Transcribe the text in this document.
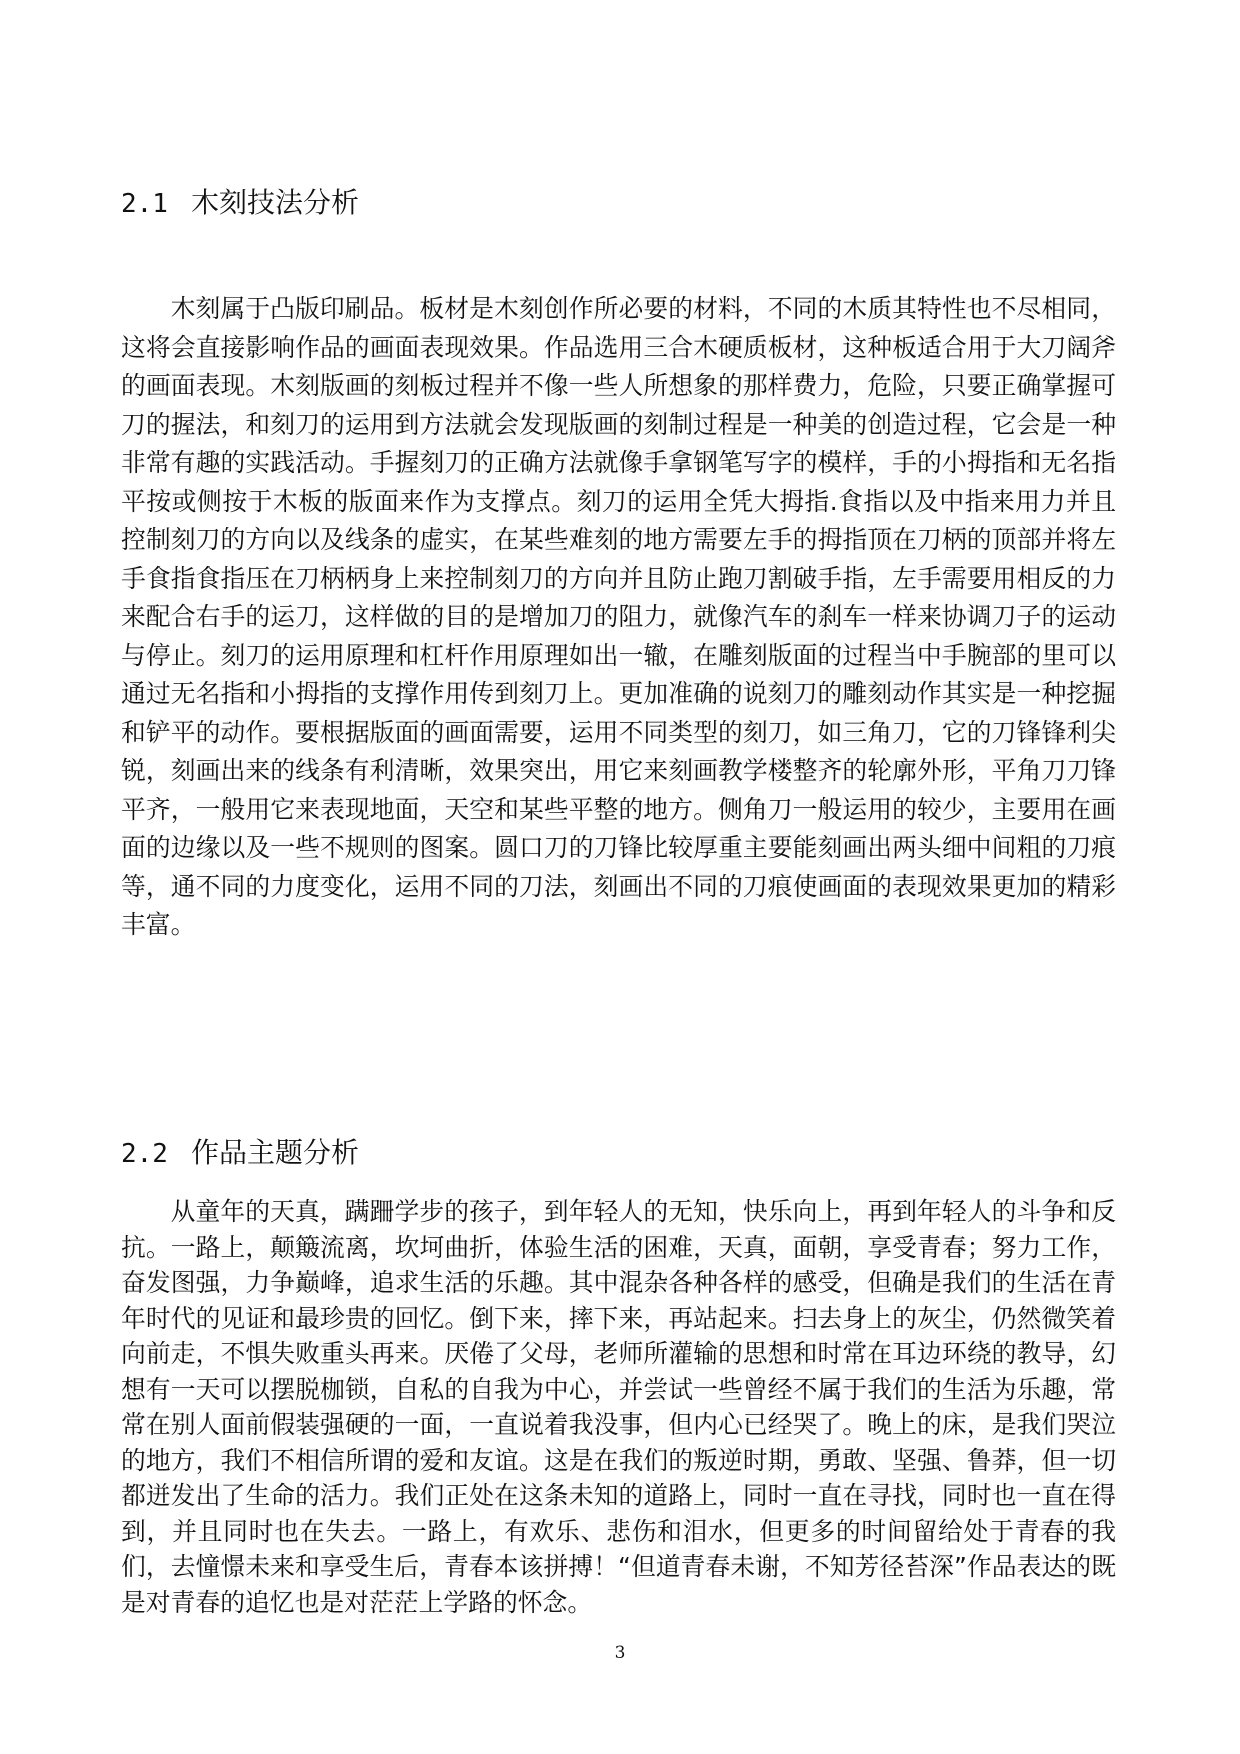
2.1 木刻技法分析

木刻属于凸版印刷品。板材是木刻创作所必要的材料，不同的木质其特性也不尽相同，这将会直接影响作品的画面表现效果。作品选用三合木硬质板材，这种板适合用于大刀阔斧的画面表现。木刻版画的刻板过程并不像一些人所想象的那样费力，危险，只要正确掌握可刀的握法，和刻刀的运用到方法就会发现版画的刻制过程是一种美的创造过程，它会是一种非常有趣的实践活动。手握刻刀的正确方法就像手拿钢笔写字的模样，手的小拇指和无名指平按或侧按于木板的版面来作为支撑点。刻刀的运用全凭大拇指.食指以及中指来用力并且控制刻刀的方向以及线条的虚实，在某些难刻的地方需要左手的拇指顶在刀柄的顶部并将左手食指食指压在刀柄柄身上来控制刻刀的方向并且防止跑刀割破手指，左手需要用相反的力来配合右手的运刀，这样做的目的是增加刀的阻力，就像汽车的刹车一样来协调刀子的运动与停止。刻刀的运用原理和杠杆作用原理如出一辙，在雕刻版面的过程当中手腕部的里可以通过无名指和小拇指的支撑作用传到刻刀上。更加准确的说刻刀的雕刻动作其实是一种挖掘和铲平的动作。要根据版面的画面需要，运用不同类型的刻刀，如三角刀，它的刀锋锋利尖锐，刻画出来的线条有利清晰，效果突出，用它来刻画教学楼整齐的轮廓外形，平角刀刀锋平齐，一般用它来表现地面，天空和某些平整的地方。侧角刀一般运用的较少，主要用在画面的边缘以及一些不规则的图案。圆口刀的刀锋比较厚重主要能刻画出两头细中间粗的刀痕等，通不同的力度变化，运用不同的刀法，刻画出不同的刀痕使画面的表现效果更加的精彩丰富。

2.2 作品主题分析

从童年的天真，蹒跚学步的孩子，到年轻人的无知，快乐向上，再到年轻人的斗争和反抗。一路上，颠簸流离，坎坷曲折，体验生活的困难，天真，面朝，享受青春；努力工作，奋发图强，力争巅峰，追求生活的乐趣。其中混杂各种各样的感受，但确是我们的生活在青年时代的见证和最珍贵的回忆。倒下来，摔下来，再站起来。扫去身上的灰尘，仍然微笑着向前走，不惧失败重头再来。厌倦了父母，老师所灌输的思想和时常在耳边环绕的教导，幻想有一天可以摆脱枷锁，自私的自我为中心，并尝试一些曾经不属于我们的生活为乐趣，常常在别人面前假装强硬的一面，一直说着我没事，但内心已经哭了。晚上的床，是我们哭泣的地方，我们不相信所谓的爱和友谊。这是在我们的叛逆时期，勇敢、坚强、鲁莽，但一切都迸发出了生命的活力。我们正处在这条未知的道路上，同时一直在寻找，同时也一直在得到，并且同时也在失去。一路上，有欢乐、悲伤和泪水，但更多的时间留给处于青春的我们，去憧憬未来和享受生后，青春本该拼搏！“但道青春未谢，不知芳径苔深”作品表达的既是对青春的追忆也是对茫茫上学路的怀念。

3
